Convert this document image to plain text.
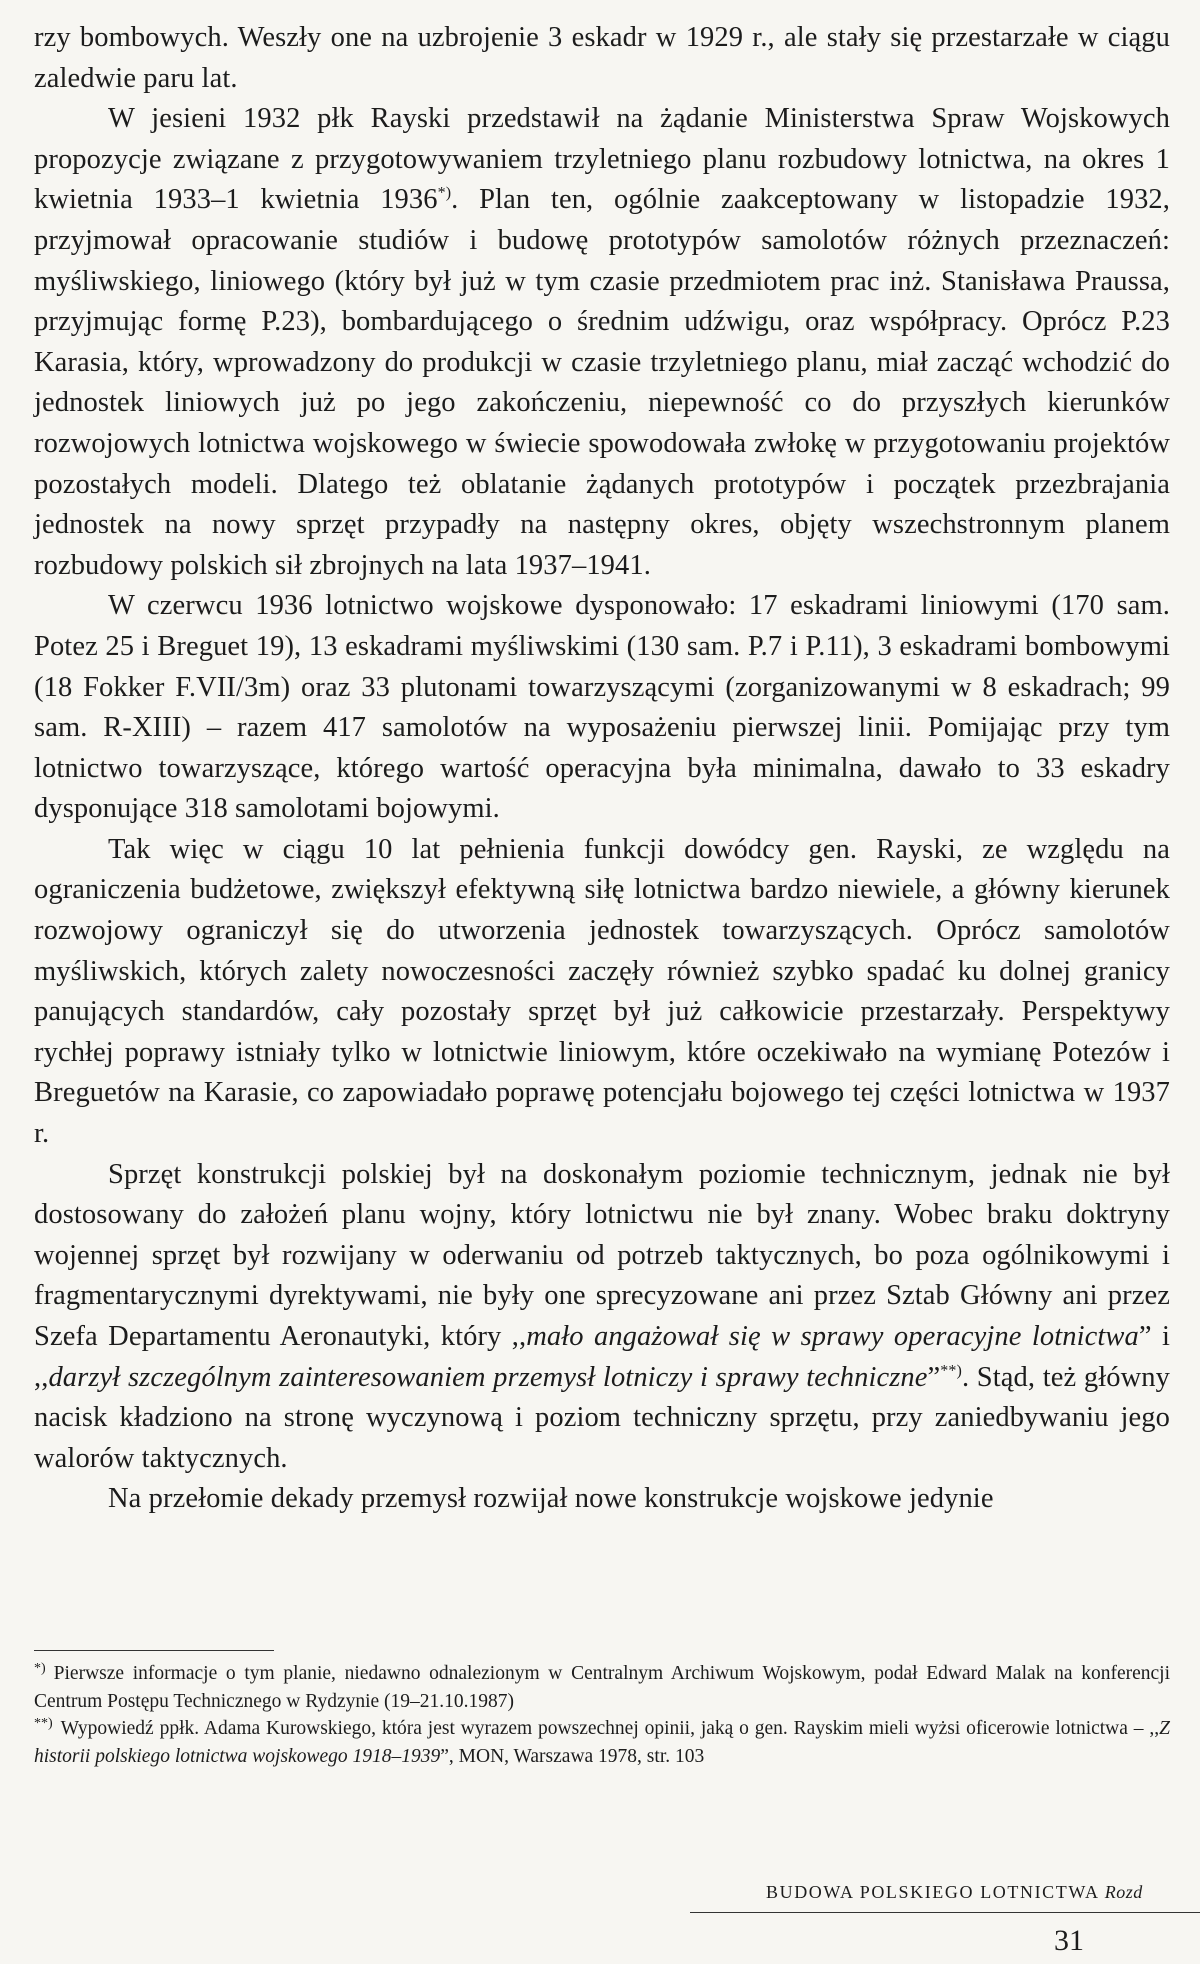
rzy bombowych. Weszły one na uzbrojenie 3 eskadr w 1929 r., ale stały się przestarzałe w ciągu zaledwie paru lat.

W jesieni 1932 płk Rayski przedstawił na żądanie Ministerstwa Spraw Wojskowych propozycje związane z przygotowywaniem trzyletniego planu rozbudowy lotnictwa, na okres 1 kwietnia 1933–1 kwietnia 1936*). Plan ten, ogólnie zaakceptowany w listopadzie 1932, przyjmował opracowanie studiów i budowę prototypów samolotów różnych przeznaczeń: myśliwskiego, liniowego (który był już w tym czasie przedmiotem prac inż. Stanisława Praussa, przyjmując formę P.23), bombardującego o średnim udźwigu, oraz współpracy. Oprócz P.23 Karasia, który, wprowadzony do produkcji w czasie trzyletniego planu, miał zacząć wchodzić do jednostek liniowych już po jego zakończeniu, niepewność co do przyszłych kierunków rozwojowych lotnictwa wojskowego w świecie spowodowała zwłokę w przygotowaniu projektów pozostałych modeli. Dlatego też oblatanie żądanych prototypów i początek przezbrajania jednostek na nowy sprzęt przypadły na następny okres, objęty wszechstronnym planem rozbudowy polskich sił zbrojnych na lata 1937–1941.

W czerwcu 1936 lotnictwo wojskowe dysponowało: 17 eskadrami liniowymi (170 sam. Potez 25 i Breguet 19), 13 eskadrami myśliwskimi (130 sam. P.7 i P.11), 3 eskadrami bombowymi (18 Fokker F.VII/3m) oraz 33 plutonami towarzyszącymi (zorganizowanymi w 8 eskadrach; 99 sam. R-XIII) – razem 417 samolotów na wyposażeniu pierwszej linii. Pomijając przy tym lotnictwo towarzyszące, którego wartość operacyjna była minimalna, dawało to 33 eskadry dysponujące 318 samolotami bojowymi.

Tak więc w ciągu 10 lat pełnienia funkcji dowódcy gen. Rayski, ze względu na ograniczenia budżetowe, zwiększył efektywną siłę lotnictwa bardzo niewiele, a główny kierunek rozwojowy ograniczył się do utworzenia jednostek towarzyszących. Oprócz samolotów myśliwskich, których zalety nowoczesności zaczęły również szybko spadać ku dolnej granicy panujących standardów, cały pozostały sprzęt był już całkowicie przestarzały. Perspektywy rychłej poprawy istniały tylko w lotnictwie liniowym, które oczekiwało na wymianę Potezów i Breguetów na Karasie, co zapowiadało poprawę potencjału bojowego tej części lotnictwa w 1937 r.

Sprzęt konstrukcji polskiej był na doskonałym poziomie technicznym, jednak nie był dostosowany do założeń planu wojny, który lotnictwu nie był znany. Wobec braku doktryny wojennej sprzęt był rozwijany w oderwaniu od potrzeb taktycznych, bo poza ogólnikowymi i fragmentarycznymi dyrektywami, nie były one sprecyzowane ani przez Sztab Główny ani przez Szefa Departamentu Aeronautyki, który ,,mało angażował się w sprawy operacyjne lotnictwa” i ,,darzył szczególnym zainteresowaniem przemysł lotniczy i sprawy techniczne”**). Stąd, też główny nacisk kładziono na stronę wyczynową i poziom techniczny sprzętu, przy zaniedbywaniu jego walorów taktycznych.

Na przełomie dekady przemysł rozwijał nowe konstrukcje wojskowe jedynie

*) Pierwsze informacje o tym planie, niedawno odnalezionym w Centralnym Archiwum Wojskowym, podał Edward Malak na konferencji Centrum Postępu Technicznego w Rydzynie (19–21.10.1987)

**) Wypowiedź ppłk. Adama Kurowskiego, która jest wyrazem powszechnej opinii, jaką o gen. Rayskim mieli wyżsi oficerowie lotnictwa – ,,Z historii polskiego lotnictwa wojskowego 1918–1939”, MON, Warszawa 1978, str. 103

BUDOWA POLSKIEGO LOTNICTWA Rozd
31
